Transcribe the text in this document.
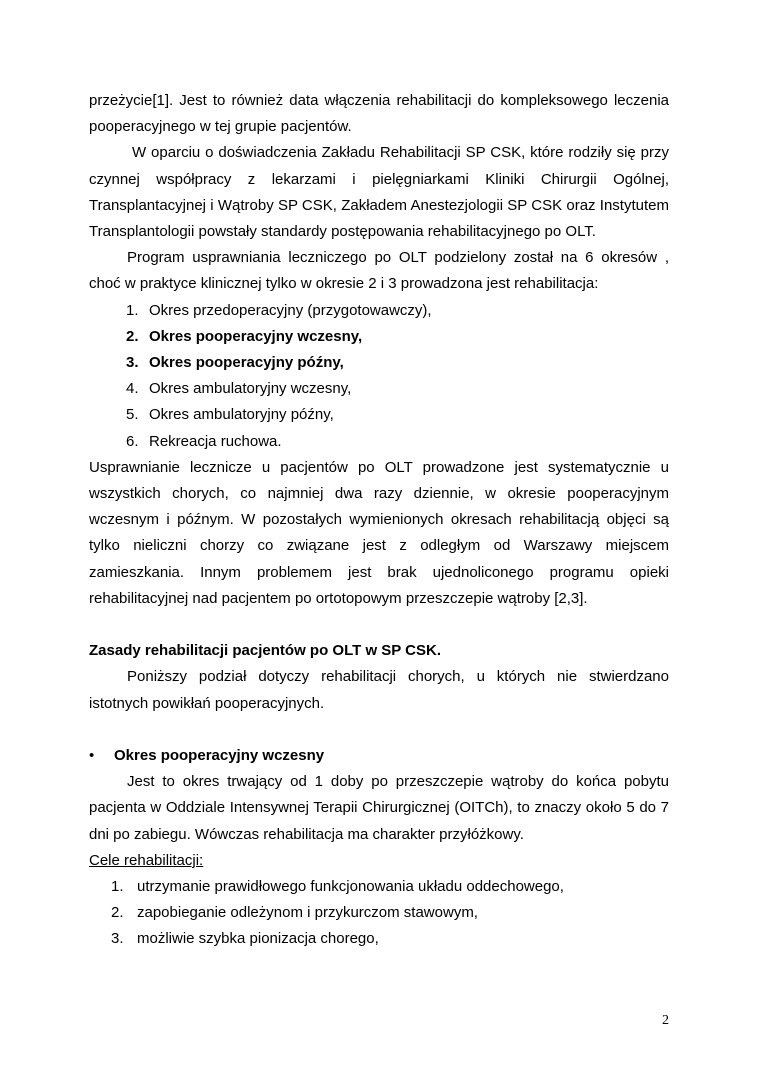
przeżycie[1]. Jest to również data włączenia rehabilitacji do kompleksowego leczenia pooperacyjnego w tej grupie pacjentów.

W oparciu o doświadczenia Zakładu Rehabilitacji SP CSK, które rodziły się przy czynnej współpracy z lekarzami i pielęgniarkami Kliniki Chirurgii Ogólnej, Transplantacyjnej i Wątroby SP CSK, Zakładem Anestezjologii SP CSK oraz Instytutem Transplantologii powstały standardy postępowania rehabilitacyjnego po OLT.

Program usprawniania leczniczego po OLT podzielony został na 6 okresów , choć w praktyce klinicznej tylko w okresie 2 i 3 prowadzona jest rehabilitacja:

1. Okres przedoperacyjny (przygotowawczy),
2. Okres pooperacyjny wczesny,
3. Okres pooperacyjny późny,
4. Okres ambulatoryjny wczesny,
5. Okres ambulatoryjny późny,
6. Rekreacja ruchowa.

Usprawnianie lecznicze u pacjentów po OLT prowadzone jest systematycznie u wszystkich chorych, co najmniej dwa razy dziennie, w okresie pooperacyjnym wczesnym i późnym. W pozostałych wymienionych okresach rehabilitacją objęci są tylko nieliczni chorzy co związane jest z odległym od Warszawy miejscem zamieszkania. Innym problemem jest brak ujednoliconego programu opieki rehabilitacyjnej nad pacjentem po ortotopowym przeszczepie wątroby [2,3].

Zasady rehabilitacji pacjentów po OLT w SP CSK.

Poniższy podział dotyczy rehabilitacji chorych, u których nie stwierdzano istotnych powikłań pooperacyjnych.

• Okres pooperacyjny wczesny

Jest to okres trwający od 1 doby po przeszczepie wątroby do końca pobytu pacjenta w Oddziale Intensywnej Terapii Chirurgicznej (OITCh), to znaczy około 5 do 7 dni po zabiegu. Wówczas rehabilitacja ma charakter przyłóżkowy.

Cele rehabilitacji:

1. utrzymanie prawidłowego funkcjonowania układu oddechowego,
2. zapobieganie odleżynom i przykurczom stawowym,
3. możliwie szybka pionizacja chorego,
2
